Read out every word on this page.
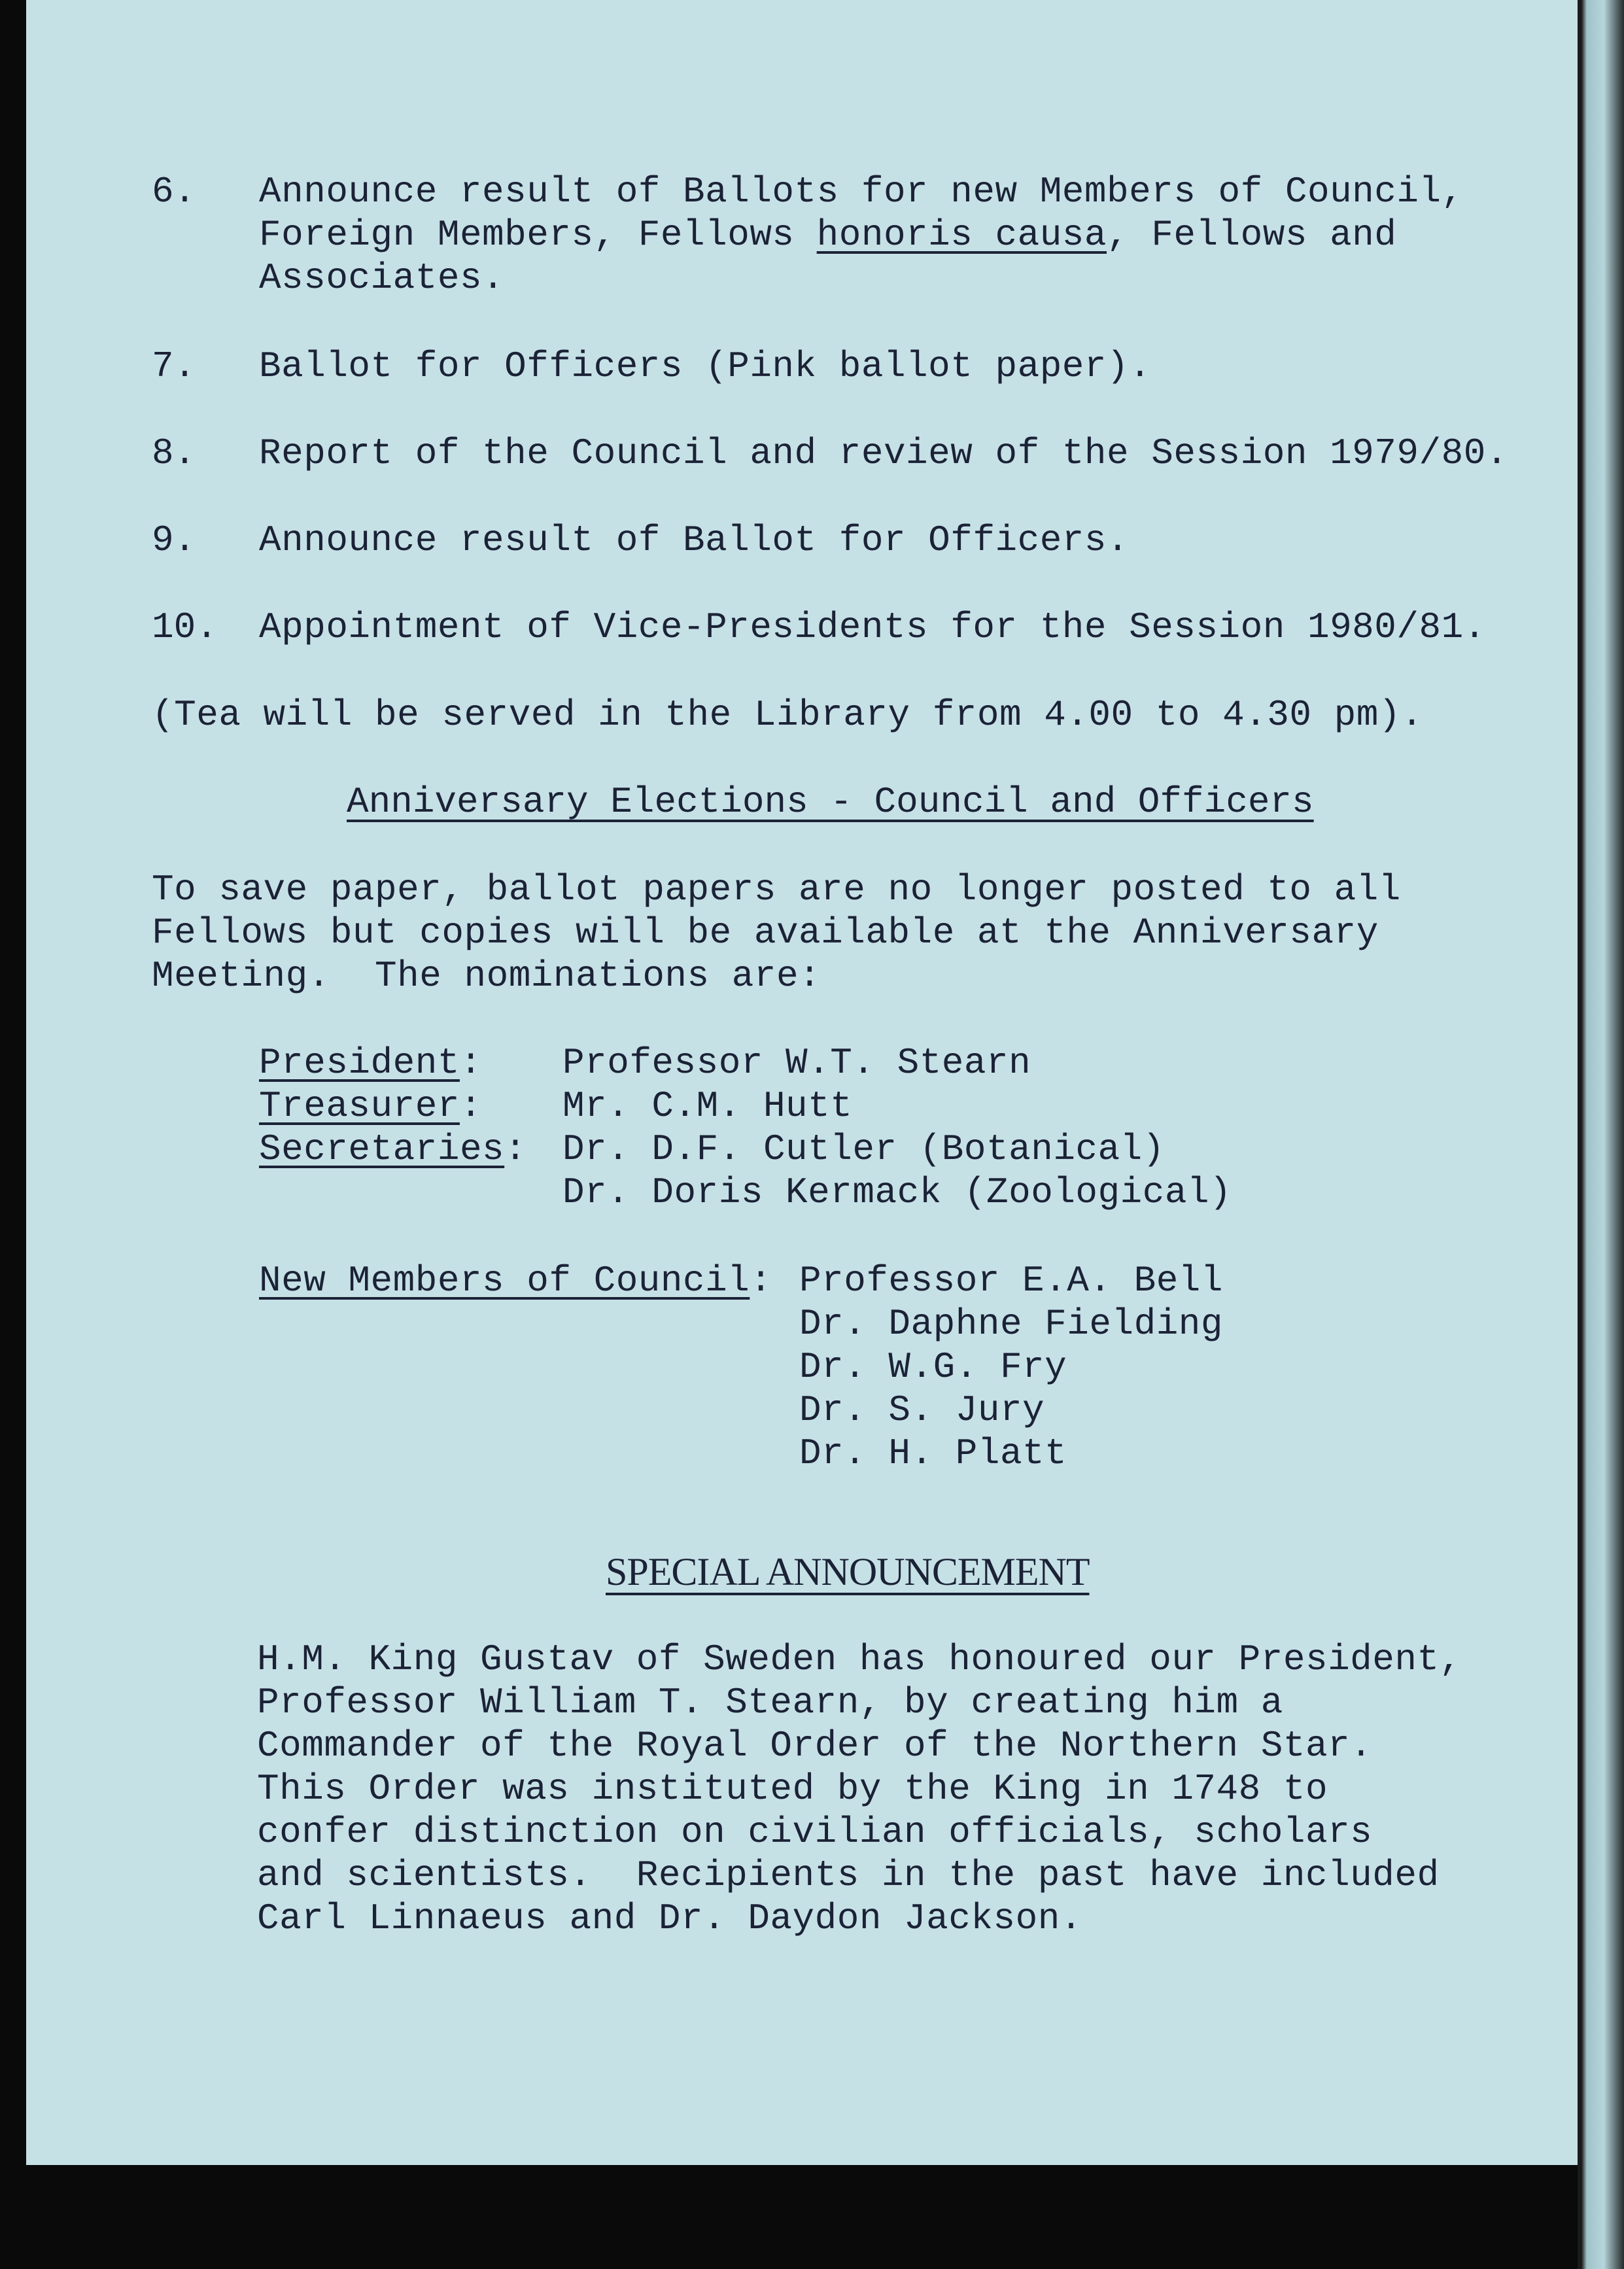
6. Announce result of Ballots for new Members of Council,
Foreign Members, Fellows honoris causa, Fellows and
Associates.
7. Ballot for Officers (Pink ballot paper).
8. Report of the Council and review of the Session 1979/80.
9. Announce result of Ballot for Officers.
10. Appointment of Vice-Presidents for the Session 1980/81.
(Tea will be served in the Library from 4.00 to 4.30 pm).
Anniversary Elections - Council and Officers
To save paper, ballot papers are no longer posted to all
Fellows but copies will be available at the Anniversary
Meeting.  The nominations are:
President: Professor W.T. Stearn
Treasurer: Mr. C.M. Hutt
Secretaries: Dr. D.F. Cutler (Botanical)
Dr. Doris Kermack (Zoological)
New Members of Council: Professor E.A. Bell
Dr. Daphne Fielding
Dr. W.G. Fry
Dr. S. Jury
Dr. H. Platt
SPECIAL ANNOUNCEMENT
H.M. King Gustav of Sweden has honoured our President,
Professor William T. Stearn, by creating him a
Commander of the Royal Order of the Northern Star.
This Order was instituted by the King in 1748 to
confer distinction on civilian officials, scholars
and scientists.  Recipients in the past have included
Carl Linnaeus and Dr. Daydon Jackson.
